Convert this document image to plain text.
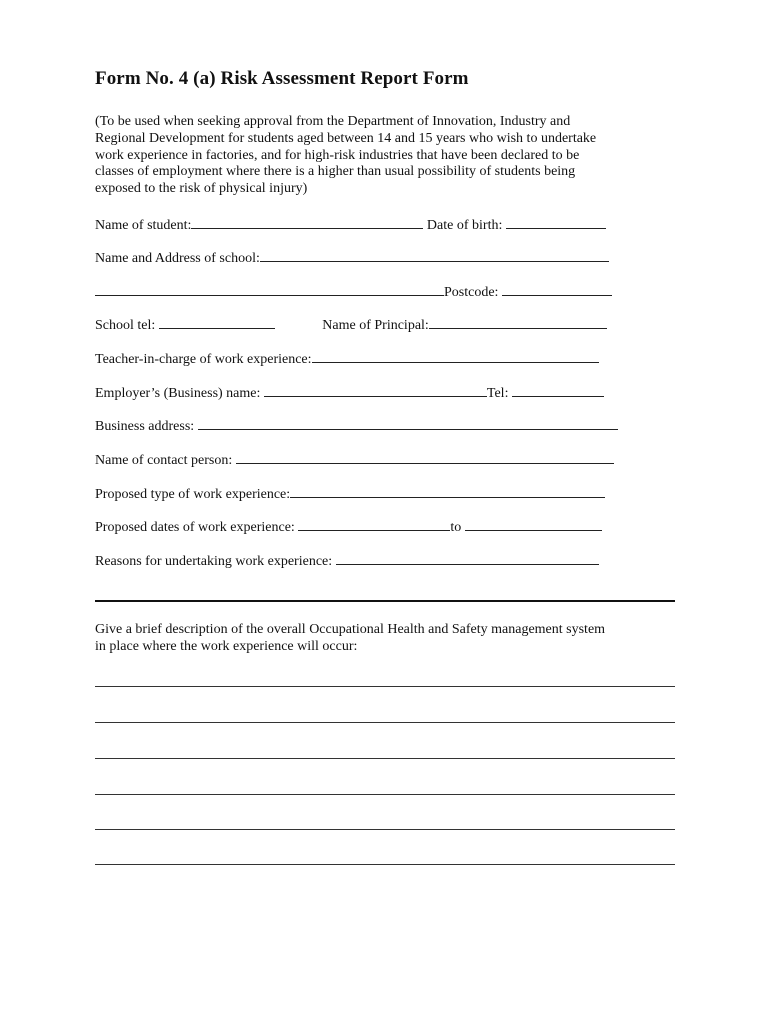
Form No. 4 (a) Risk Assessment Report Form
(To be used when seeking approval from the Department of Innovation, Industry and
Regional Development for students aged between 14 and 15 years who wish to undertake
work experience in factories, and for high-risk industries that have been declared to be
classes of employment where there is a higher than usual possibility of students being
exposed to the risk of physical injury)
Name of student:	Date of birth:
Name and Address of school:
Postcode:
School tel:	Name of Principal:
Teacher-in-charge of work experience:
Employer’s (Business) name:	Tel:
Business address:
Name of contact person:
Proposed type of work experience:
Proposed dates of work experience:	to
Reasons for undertaking work experience:
Give a brief description of the overall Occupational Health and Safety management system
in place where the work experience will occur:
